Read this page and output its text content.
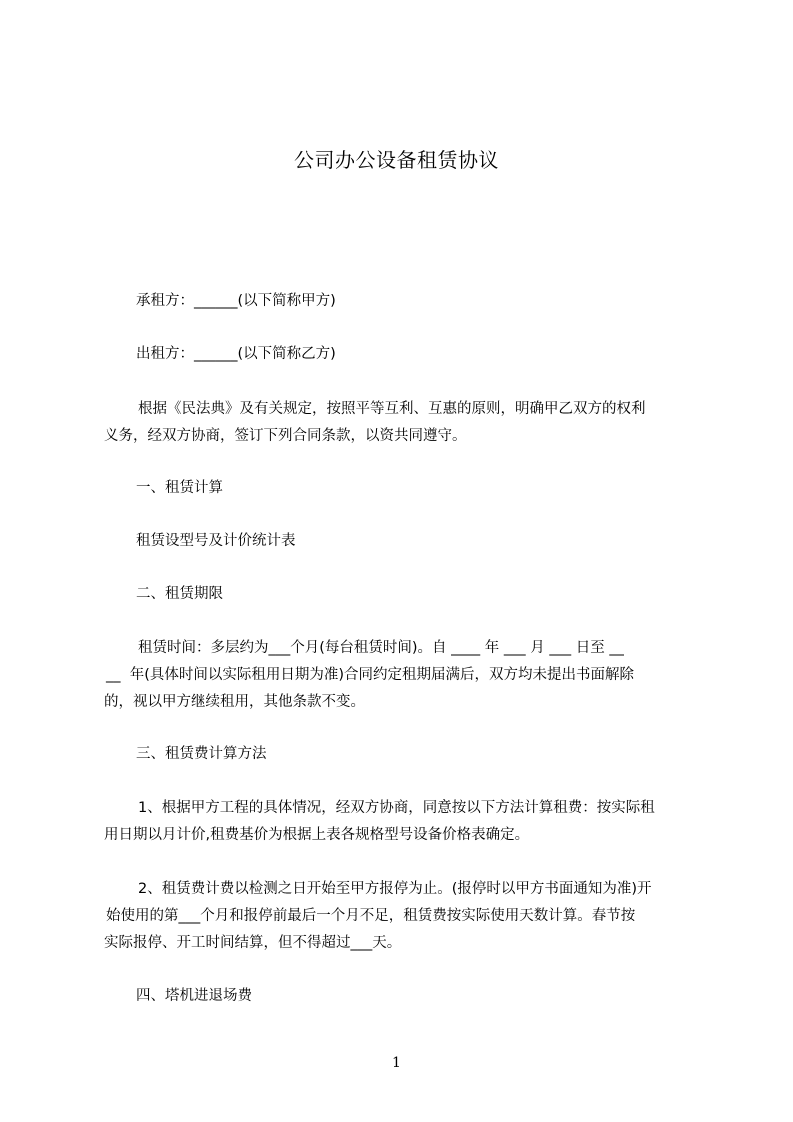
公司办公设备租赁协议
承租方：______(以下简称甲方)
出租方：______(以下简称乙方)
根据《民法典》及有关规定，按照平等互利、互惠的原则，明确甲乙双方的权利
义务，经双方协商，签订下列合同条款，以资共同遵守。
一、租赁计算
租赁设型号及计价统计表
二、租赁期限
租赁时间：多层约为___个月(每台租赁时间)。自 ____ 年 ___ 月 ___ 日至 __
__  年(具体时间以实际租用日期为准)合同约定租期届满后，双方均未提出书面解除
的，视以甲方继续租用，其他条款不变。
三、租赁费计算方法
1、根据甲方工程的具体情况，经双方协商，同意按以下方法计算租费：按实际租
用日期以月计价,租费基价为根据上表各规格型号设备价格表确定。
2、租赁费计费以检测之日开始至甲方报停为止。(报停时以甲方书面通知为准)开
始使用的第___个月和报停前最后一个月不足，租赁费按实际使用天数计算。春节按
实际报停、开工时间结算，但不得超过___天。
四、塔机进退场费
1
